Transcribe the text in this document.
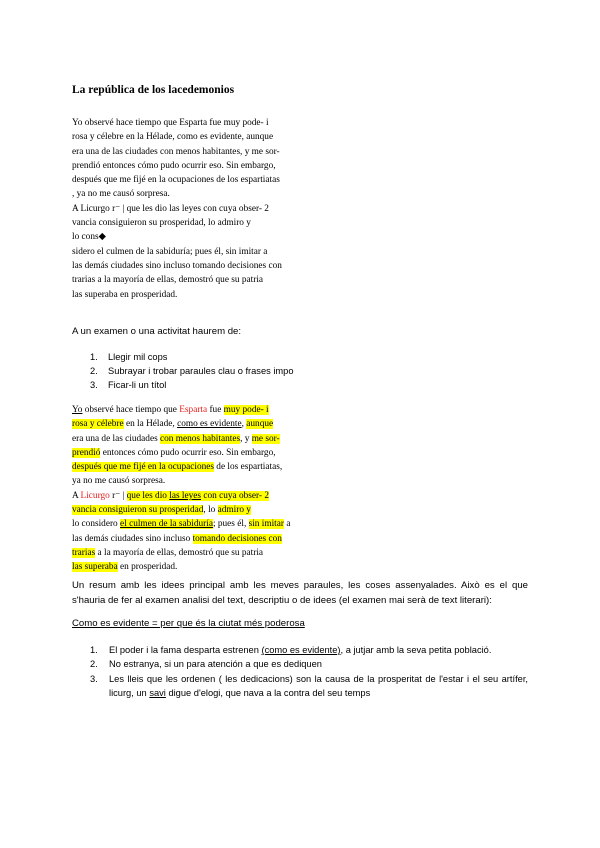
La república de los lacedemonios
Yo observé hace tiempo que Esparta fue muy pode- i
rosa y célebre en la Hélade, como es evidente, aunque
era una de las ciudades con menos habitantes, y me sor-
prendió entonces cómo pudo ocurrir eso. Sin embargo,
después que me fijé en la ocupaciones de los espartiatas
, ya no me causó sorpresa.
A Licurgo r⁻ | que les dio las leyes con cuya obser- 2
vancia consiguieron su prosperidad, lo admiro y
lo cons◆
sidero el culmen de la sabiduría; pues él, sin imitar a
las demás ciudades sino incluso tomando decisiones con
trarias a la mayoría de ellas, demostró que su patria
las superaba en prosperidad.
A un examen o una activitat haurem de:
1. Llegir mil cops
2. Subrayar i trobar paraules clau o frases impo
3. Ficar-li un títol
Yo observé hace tiempo que Esparta fue muy pode- i
rosa y célebre en la Hélade, como es evidente, aunque
era una de las ciudades con menos habitantes, y me sor-
prendió entonces cómo pudo ocurrir eso. Sin embargo,
después que me fijé en la ocupaciones de los espartiatas,
ya no me causó sorpresa.
A Licurgo r⁻ | que les dio las leyes con cuya obser- 2
vancia consiguieron su prosperidad, lo admiro y
lo considero el culmen de la sabiduría; pues él, sin imitar a
las demás ciudades sino incluso tomando decisiones con
trarias a la mayoría de ellas, demostró que su patria
las superaba en prosperidad.
Un resum amb les idees principal amb les meves paraules, les coses assenyalades. Això es el que s'hauria de fer al examen analisi del text, descriptiu o de idees (el examen mai serà de text literari):
Como es evidente = per que és la ciutat més poderosa
1.	El poder i la fama desparta estrenen (como es evidente), a jutjar amb la seva petita població.
2.	No estranya, si un para atención a que es dediquen
3.	Les lleis que les ordenen ( les dedicacions) son la causa de la prosperitat de l'estar i el seu artífer, licurg, un savi digue d'elogi, que nava a la contra del seu temps
